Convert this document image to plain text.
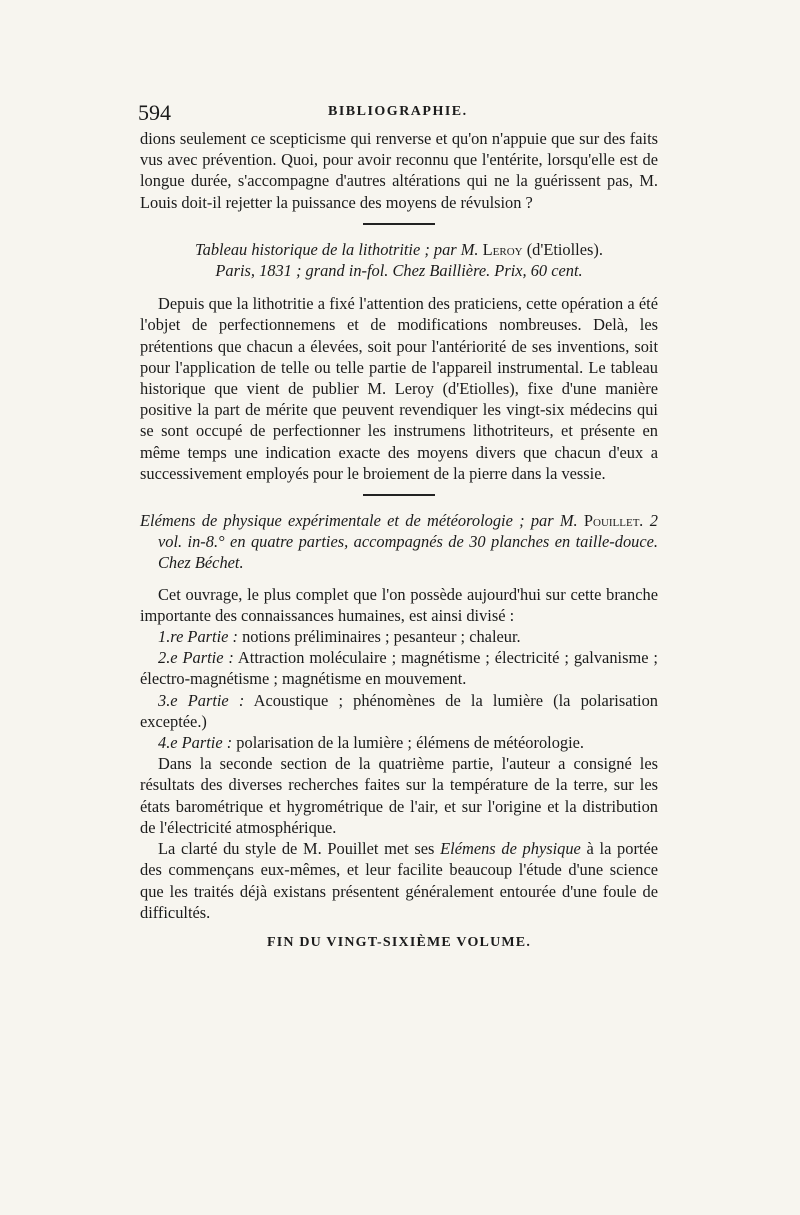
594	BIBLIOGRAPHIE.

dions seulement ce scepticisme qui renverse et qu'on n'appuie que sur des faits vus avec prévention. Quoi, pour avoir reconnu que l'entérite, lorsqu'elle est de longue durée, s'accompagne d'autres altérations qui ne la guérissent pas, M. Louis doit-il rejetter la puissance des moyens de révulsion ?

Tableau historique de la lithotritie ; par M. Leroy (d'Etiolles).
Paris, 1831 ; grand in-fol. Chez Baillière. Prix, 60 cent.

Depuis que la lithotritie a fixé l'attention des praticiens, cette opération a été l'objet de perfectionnemens et de modifications nombreuses. Delà, les prétentions que chacun a élevées, soit pour l'antériorité de ses inventions, soit pour l'application de telle ou telle partie de l'appareil instrumental. Le tableau historique que vient de publier M. Leroy (d'Etiolles), fixe d'une manière positive la part de mérite que peuvent revendiquer les vingt-six médecins qui se sont occupé de perfectionner les instrumens lithotriteurs, et présente en même temps une indication exacte des moyens divers que chacun d'eux a successivement employés pour le broiement de la pierre dans la vessie.

Elémens de physique expérimentale et de météorologie ; par M. Pouillet. 2 vol. in-8.° en quatre parties, accompagnés de 30 planches en taille-douce. Chez Béchet.

Cet ouvrage, le plus complet que l'on possède aujourd'hui sur cette branche importante des connaissances humaines, est ainsi divisé :

1.re Partie : notions préliminaires ; pesanteur ; chaleur.

2.e Partie : Attraction moléculaire ; magnétisme ; électricité ; galvanisme ; électro-magnétisme ; magnétisme en mouvement.

3.e Partie : Acoustique ; phénomènes de la lumière (la polarisation exceptée.)

4.e Partie : polarisation de la lumière ; élémens de météorologie.

Dans la seconde section de la quatrième partie, l'auteur a consigné les résultats des diverses recherches faites sur la température de la terre, sur les états barométrique et hygrométrique de l'air, et sur l'origine et la distribution de l'électricité atmosphérique.

La clarté du style de M. Pouillet met ses Elémens de physique à la portée des commençans eux-mêmes, et leur facilite beaucoup l'étude d'une science que les traités déjà existans présentent généralement entourée d'une foule de difficultés.

FIN DU VINGT-SIXIÈME VOLUME.
